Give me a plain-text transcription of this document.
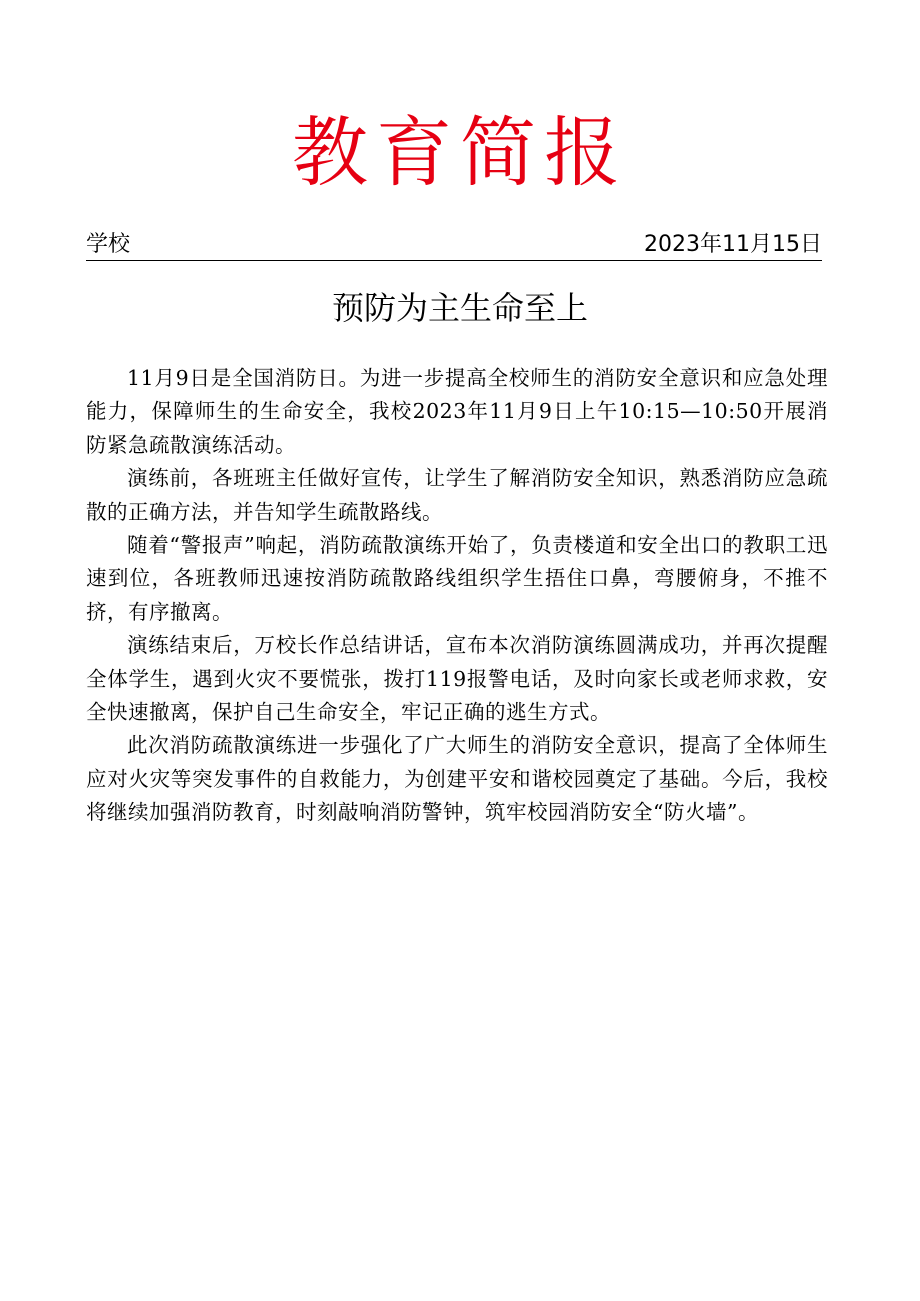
教育简报
学校	2023年11月15日
预防为主生命至上

11月9日是全国消防日。为进一步提高全校师生的消防安全意识和应急处理能力，保障师生的生命安全，我校2023年11月9日上午10:15—10:50开展消防紧急疏散演练活动。

演练前，各班班主任做好宣传，让学生了解消防安全知识，熟悉消防应急疏散的正确方法，并告知学生疏散路线。

随着“警报声”响起，消防疏散演练开始了，负责楼道和安全出口的教职工迅速到位，各班教师迅速按消防疏散路线组织学生捂住口鼻，弯腰俯身，不推不挤，有序撤离。

演练结束后，万校长作总结讲话，宣布本次消防演练圆满成功，并再次提醒全体学生，遇到火灾不要慌张，拨打119报警电话，及时向家长或老师求救，安全快速撤离，保护自己生命安全，牢记正确的逃生方式。

此次消防疏散演练进一步强化了广大师生的消防安全意识，提高了全体师生应对火灾等突发事件的自救能力，为创建平安和谐校园奠定了基础。今后，我校将继续加强消防教育，时刻敲响消防警钟，筑牢校园消防安全“防火墙”。
